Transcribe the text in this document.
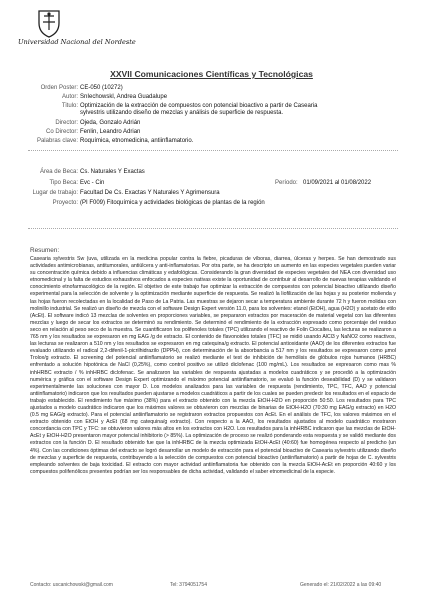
Universidad Nacional del Nordeste
XXVII Comunicaciones Científicas y Tecnológicas
Orden Poster: CE-050 (10272)
Autor: SnIechowskl, Andrea Guadalupe
Titulo: Optimización de la extracción de compuestos con potencial bioactivo a partir de Casearia
sylvestris utilizando diseño de mezclas y análisis de superficie de respuesta.
Director: Ojeda, Gonzalo Adrián
Co Director: Fenlin, Leandro Adrian
Palabras clave: Roquímica, etnomedicina, antiinflamatorio.
Área de Beca: Cs. Naturales Y Exactas
Tipo Beca: Evc - Cin	Período: 01/09/2021 al 01/08/2022
Lugar de trabajo: Facultad De Cs. Exactas Y Naturales Y Agrimensura
Proyecto: (PI F009) Fitoquímica y actividades biológicas de plantas de la región
Resumen:
Casearia sylvestris Sw (uva, utilizada en la medicina popular contra la fiebre, picaduras de víboras, diarrea, úlceras y herpes. Se han demostrado sus actividades antimicrobianas, antitumorales, antiúlcera y anti-inflamatorias. Por otra parte, se ha descripto un aumento en las especies vegetales pueden variar su concentración química debido a influencias climáticas y edafológicas. Considerando la gran diversidad de especies vegetales del NEA con diversidad uso etnomedicinal y la falta de estudios exhaustivos enfocados a especies nativas existe la oportunidad de contribuir al desarrollo de nuevas terapias validando el conocimiento etnofarmacológico de la región. El objetivo de este trabajo fue optimizar la extracción de compuestos con potencial bioactivo utilizando diseño experimental para la selección de solvente y la optimización mediante superficie de respuesta. Se realizó la liofilización de las hojas y su posterior molienda y las hojas fueron recolectadas en la localidad de Paso de La Patria. Las muestras se dejaron secar a temperatura ambiente durante 72 h y fueron molidas con molinillo industrial. Se realizó un diseño de mezcla con el software Design Expert versión 11.0, para los solventes: etanol (EtOH), agua (H2O) y acetato de etilo (AcEt). El software indicó 13 mezclas de solventes en proporciones variables, se prepararon extractos por maceración de material vegetal con las diferentes mezclas y luego de secar los extractos se determinó su rendimiento. Se determinó el rendimiento de la extracción expresado como porcentaje del residuo seco en relación al peso seco de la muestra. Se cuantificaron los polifenoles totales (TPC) utilizando el reactivo de Folin Ciocalteu, las lecturas se realizaron a 765 nm y los resultados se expresaron en mg EAG /g de extracto. El contenido de flavonoides totales (TFC) se midió usando AlCl3 y NaNO2 como reactivos, las lecturas se realizaron a 510 nm y los resultados se expresaron en mg catequina/g extracto. El potencial antioxidante (AAO) de los diferentes extractos fue evaluado utilizando el radical 2,2-difenil-1-picrilhidrazilo (DPPH), con determinación de la absorbancia a 517 nm y los resultados se expresaron como µmol Trolox/g extracto. El screening del potencial antiinflamatorio se realizó mediante el test de inhibición de hemólisis de glóbulos rojos humanos (HRBC) enfrentado a solución hipotónica de NaCl (0,25%), como control positivo se utilizó diclofenac (100 mg/mL). Los resultados se expresaron como mas % inhHRBC extracto / % inhHRBC diclofenac. Se analizaron las variables de respuesta ajustadas a modelos cuadráticos y se procedió a la optimización numérica y gráfica con el software Design Expert optimizando el máximo potencial antiinflamatorio, se evaluó la función deseabilidad (D) y se validaron experimentalmente las soluciones con mayor D. Los modelos analizados para las variables de respuesta (rendimiento, TPC, TFC, AAO y potencial antiinflamatorio) indicaron que los resultados pueden ajustarse a modelos cuadráticos a partir de los cuales se pueden predecir los resultados en el espacio de trabajo establecido. El rendimiento fue máximo (38%) para el extracto obtenido con la mezcla EtOH-H2O en proporción 50:50. Los resultados para TPC ajustados a modelo cuadrático indicaron que los máximos valores se obtuvieron con mezclas de binarias de EtOH-H2O (70:30 mg EAG/g extracto) en H2O (0.5 mg EAG/g extracto). Para el potencial antiinflamatorio se registraron extractos propuestos con AcEt. En el análisis de TFC, los valores máximos en el extracto obtenido con EtOH y AcEt (68 mg catequina/g extracto). Con respecto a la AAO, los resultados ajustados al modelo cuadrático mostraron concordancia con TPC y TFC: se obtuvieron valores más altos en los extractos con H2O. Los resultados para la inhHRBC indicaron que las mezclas de EtOH-AcEt y EtOH-H2O presentaron mayor potencial inhibitorio (> 85%). La optimización de proceso se realizó ponderando esta respuesta y se validó mediante dos extractos con la función D. El resultado obtenido fue que la inhHRBC de la mezcla optimizada EtOH-AcEt (40:60) fue homogénea respecto al predicho (un 4%). Con las condiciones óptimas del extracto se logró desarrollar un modelo de extracción para el potencial bioactivo de Casearia sylvestris utilizando diseño de mezclas y superficie de respuesta, contribuyendo a la selección de compuestos con potencial bioactivo (antiinflamatorio) a partir de hojas de C. sylvestris empleando solventes de baja toxicidad. El extracto con mayor actividad antiinflamatoria fue obtenido con la mezcla EtOH-AcEt en proporción 40:60 y los compuestos polifenólicos presentes podrían ser los responsables de dicha actividad, validando el saber etnomedicinal de la especie.
Contacto: uscanichowski@gmail.com	Tel: 3794051754	Generado el: 21/02/2022 a las 09:40
